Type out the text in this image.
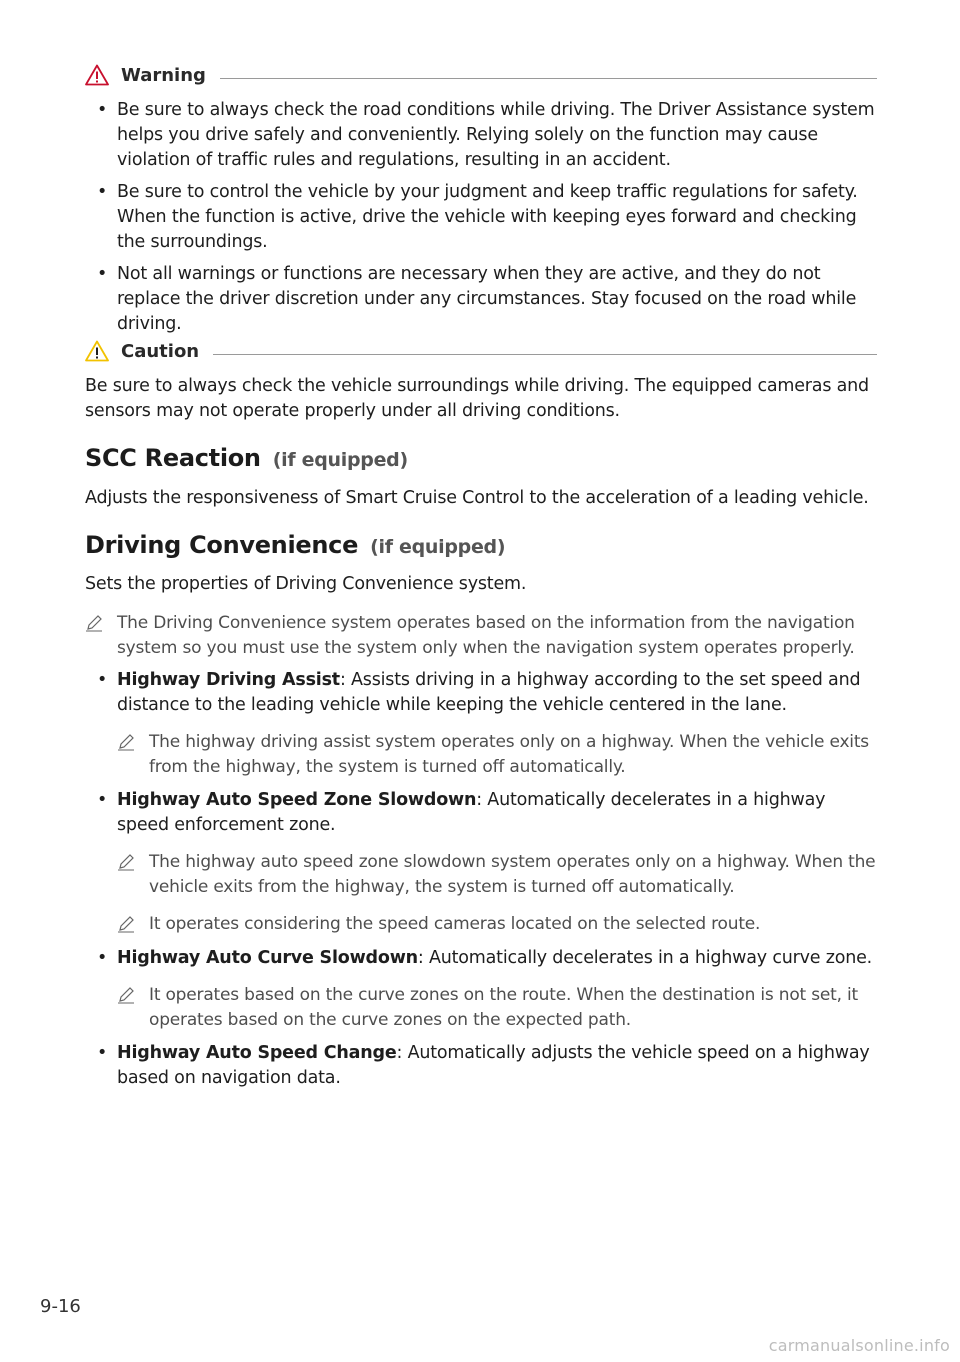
Warning
• Be sure to always check the road conditions while driving. The Driver Assistance system helps you drive safely and conveniently. Relying solely on the function may cause violation of traffic rules and regulations, resulting in an accident.
• Be sure to control the vehicle by your judgment and keep traffic regulations for safety. When the function is active, drive the vehicle with keeping eyes forward and checking the surroundings.
• Not all warnings or functions are necessary when they are active, and they do not replace the driver discretion under any circumstances. Stay focused on the road while driving.
Caution

Be sure to always check the vehicle surroundings while driving. The equipped cameras and sensors may not operate properly under all driving conditions.

SCC Reaction (if equipped)

Adjusts the responsiveness of Smart Cruise Control to the acceleration of a leading vehicle.

Driving Convenience (if equipped)

Sets the properties of Driving Convenience system.

The Driving Convenience system operates based on the information from the navigation system so you must use the system only when the navigation system operates properly.
• Highway Driving Assist: Assists driving in a highway according to the set speed and distance to the leading vehicle while keeping the vehicle centered in the lane.
The highway driving assist system operates only on a highway. When the vehicle exits from the highway, the system is turned off automatically.
• Highway Auto Speed Zone Slowdown: Automatically decelerates in a highway speed enforcement zone.
The highway auto speed zone slowdown system operates only on a highway. When the vehicle exits from the highway, the system is turned off automatically.
It operates considering the speed cameras located on the selected route.
• Highway Auto Curve Slowdown: Automatically decelerates in a highway curve zone.
It operates based on the curve zones on the route. When the destination is not set, it operates based on the curve zones on the expected path.
• Highway Auto Speed Change: Automatically adjusts the vehicle speed on a highway based on navigation data.
9-16
carmanualsonline.info
